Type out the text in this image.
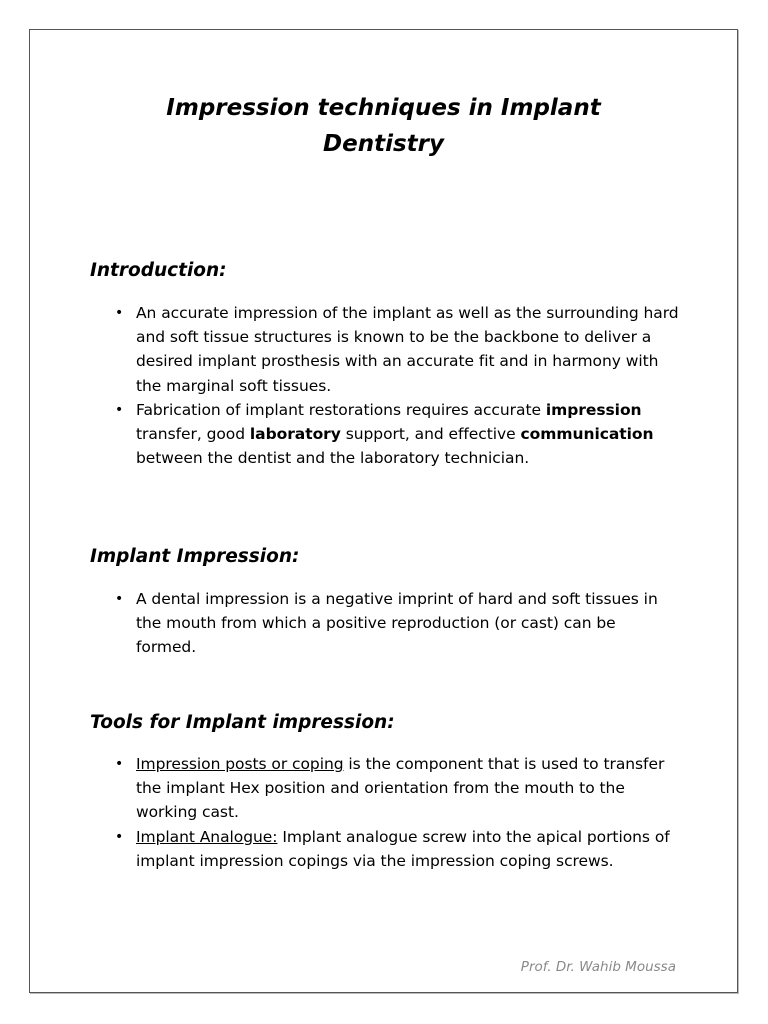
Impression techniques in Implant
Dentistry
Introduction:
• An accurate impression of the implant as well as the surrounding hard and soft tissue structures is known to be the backbone to deliver a desired implant prosthesis with an accurate fit and in harmony with the marginal soft tissues.
• Fabrication of implant restorations requires accurate impression transfer, good laboratory support, and effective communication between the dentist and the laboratory technician.
Implant Impression:
• A dental impression is a negative imprint of hard and soft tissues in the mouth from which a positive reproduction (or cast) can be formed.
Tools for Implant impression:
• Impression posts or coping is the component that is used to transfer the implant Hex position and orientation from the mouth to the working cast.
• Implant Analogue: Implant analogue screw into the apical portions of implant impression copings via the impression coping screws.
Prof. Dr. Wahib Moussa
